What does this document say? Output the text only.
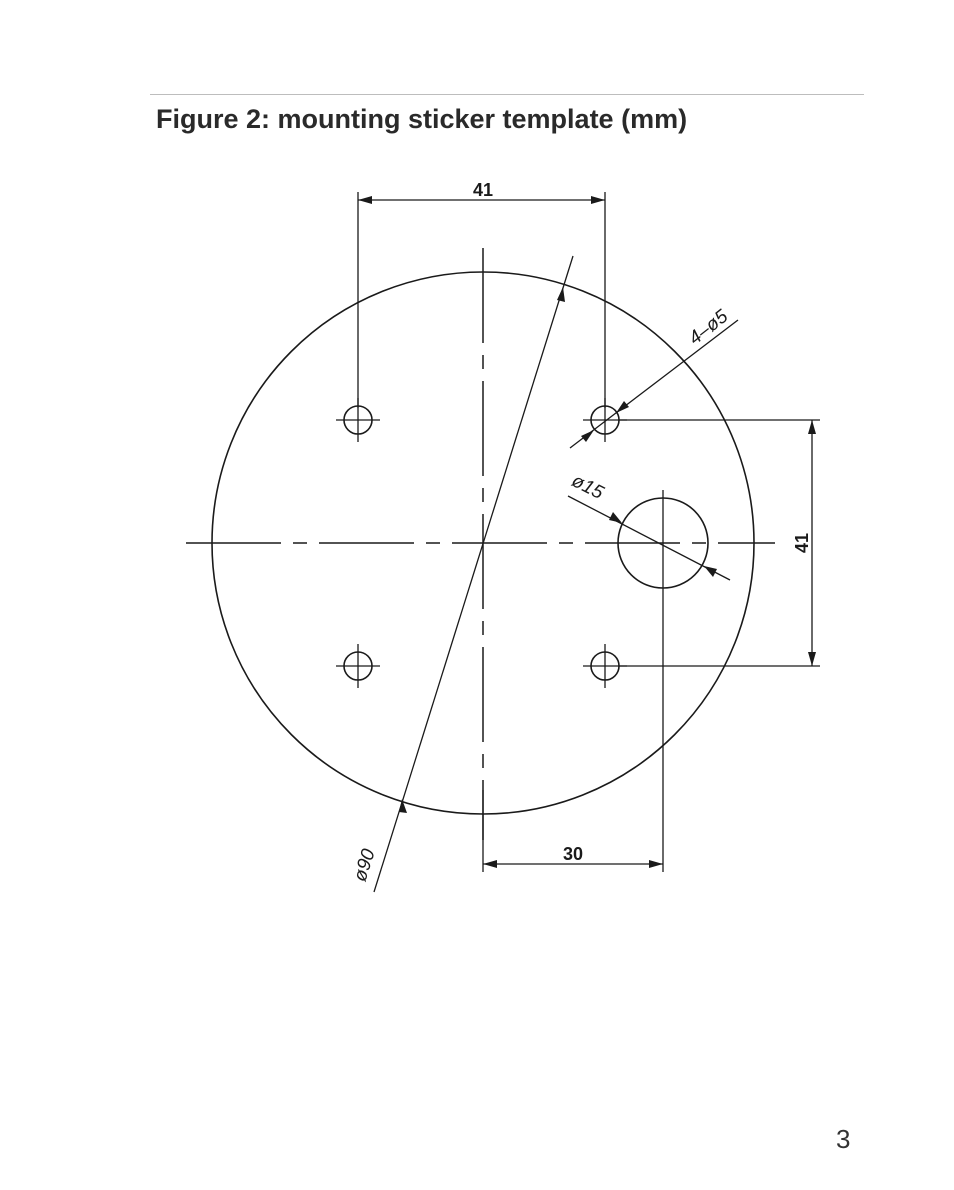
Figure 2: mounting sticker template (mm)
41
41
30
ø90
4–ø5
ø15
3
